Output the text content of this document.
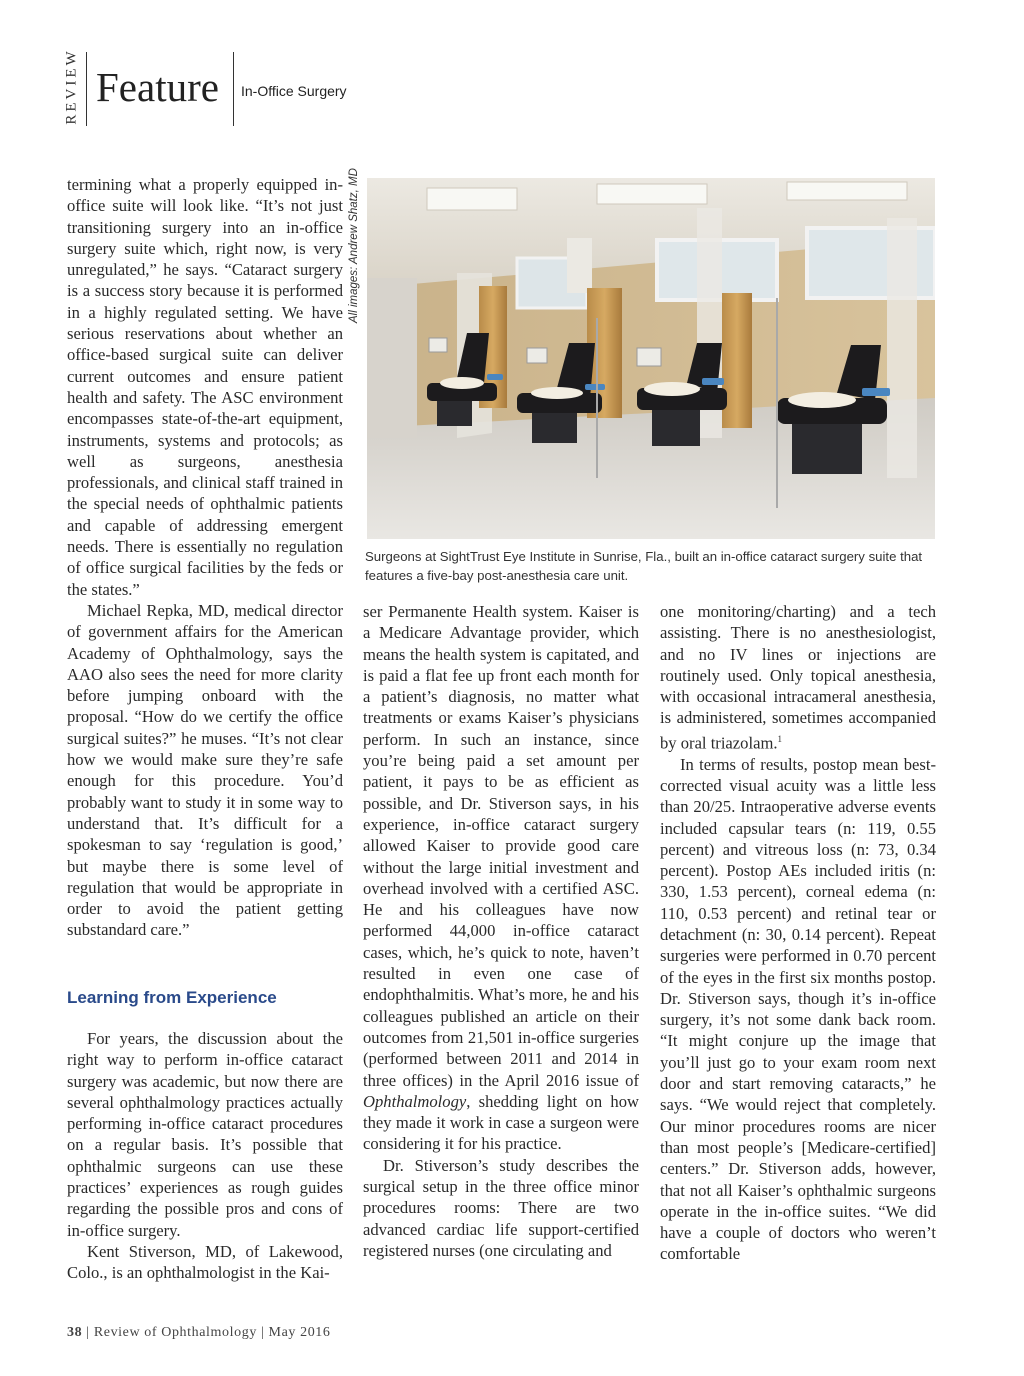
REVIEW Feature In-Office Surgery

termining what a properly equipped in-office suite will look like. “It’s not just transitioning surgery into an in-office surgery suite which, right now, is very unregulated,” he says. “Cataract surgery is a success story because it is performed in a highly regulated setting. We have serious reservations about whether an office-based surgical suite can deliver current outcomes and ensure patient health and safety. The ASC environment encompasses state-of-the-art equipment, instruments, systems and protocols; as well as surgeons, anesthesia professionals, and clinical staff trained in the special needs of ophthalmic patients and capable of addressing emergent needs. There is essentially no regulation of office surgical facilities by the feds or the states.”

Michael Repka, MD, medical director of government affairs for the American Academy of Ophthalmology, says the AAO also sees the need for more clarity before jumping onboard with the proposal. “How do we certify the office surgical suites?” he muses. “It’s not clear how we would make sure they’re safe enough for this procedure. You’d probably want to study it in some way to understand that. It’s difficult for a spokesman to say ‘regulation is good,’ but maybe there is some level of regulation that would be appropriate in order to avoid the patient getting substandard care.”

Learning from Experience

For years, the discussion about the right way to perform in-office cataract surgery was academic, but now there are several ophthalmology practices actually performing in-office cataract procedures on a regular basis. It’s possible that ophthalmic surgeons can use these practices’ experiences as rough guides regarding the possible pros and cons of in-office surgery.

Kent Stiverson, MD, of Lakewood, Colo., is an ophthalmologist in the Kai-

All images: Andrew Shatz, MD
Surgeons at SightTrust Eye Institute in Sunrise, Fla., built an in-office cataract surgery suite that features a five-bay post-anesthesia care unit.

ser Permanente Health system. Kaiser is a Medicare Advantage provider, which means the health system is capitated, and is paid a flat fee up front each month for a patient’s diagnosis, no matter what treatments or exams Kaiser’s physicians perform. In such an instance, since you’re being paid a set amount per patient, it pays to be as efficient as possible, and Dr. Stiverson says, in his experience, in-office cataract surgery allowed Kaiser to provide good care without the large initial investment and overhead involved with a certified ASC. He and his colleagues have now performed 44,000 in-office cataract cases, which, he’s quick to note, haven’t resulted in even one case of endophthalmitis. What’s more, he and his colleagues published an article on their outcomes from 21,501 in-office surgeries (performed between 2011 and 2014 in three offices) in the April 2016 issue of Ophthalmology, shedding light on how they made it work in case a surgeon were considering it for his practice.

Dr. Stiverson’s study describes the surgical setup in the three office minor procedures rooms: There are two advanced cardiac life support-certified registered nurses (one circulating and

one monitoring/charting) and a tech assisting. There is no anesthesiologist, and no IV lines or injections are routinely used. Only topical anesthesia, with occasional intracameral anesthesia, is administered, sometimes accompanied by oral triazolam.$^1$

In terms of results, postop mean best-corrected visual acuity was a little less than 20/25. Intraoperative adverse events included capsular tears (n: 119, 0.55 percent) and vitreous loss (n: 73, 0.34 percent). Postop AEs included iritis (n: 330, 1.53 percent), corneal edema (n: 110, 0.53 percent) and retinal tear or detachment (n: 30, 0.14 percent). Repeat surgeries were performed in 0.70 percent of the eyes in the first six months postop. Dr. Stiverson says, though it’s in-office surgery, it’s not some dank back room. “It might conjure up the image that you’ll just go to your exam room next door and start removing cataracts,” he says. “We would reject that completely. Our minor procedures rooms are nicer than most people’s [Medicare-certified] centers.” Dr. Stiverson adds, however, that not all Kaiser’s ophthalmic surgeons operate in the in-office suites. “We did have a couple of doctors who weren’t comfortable

38 | Review of Ophthalmology | May 2016
